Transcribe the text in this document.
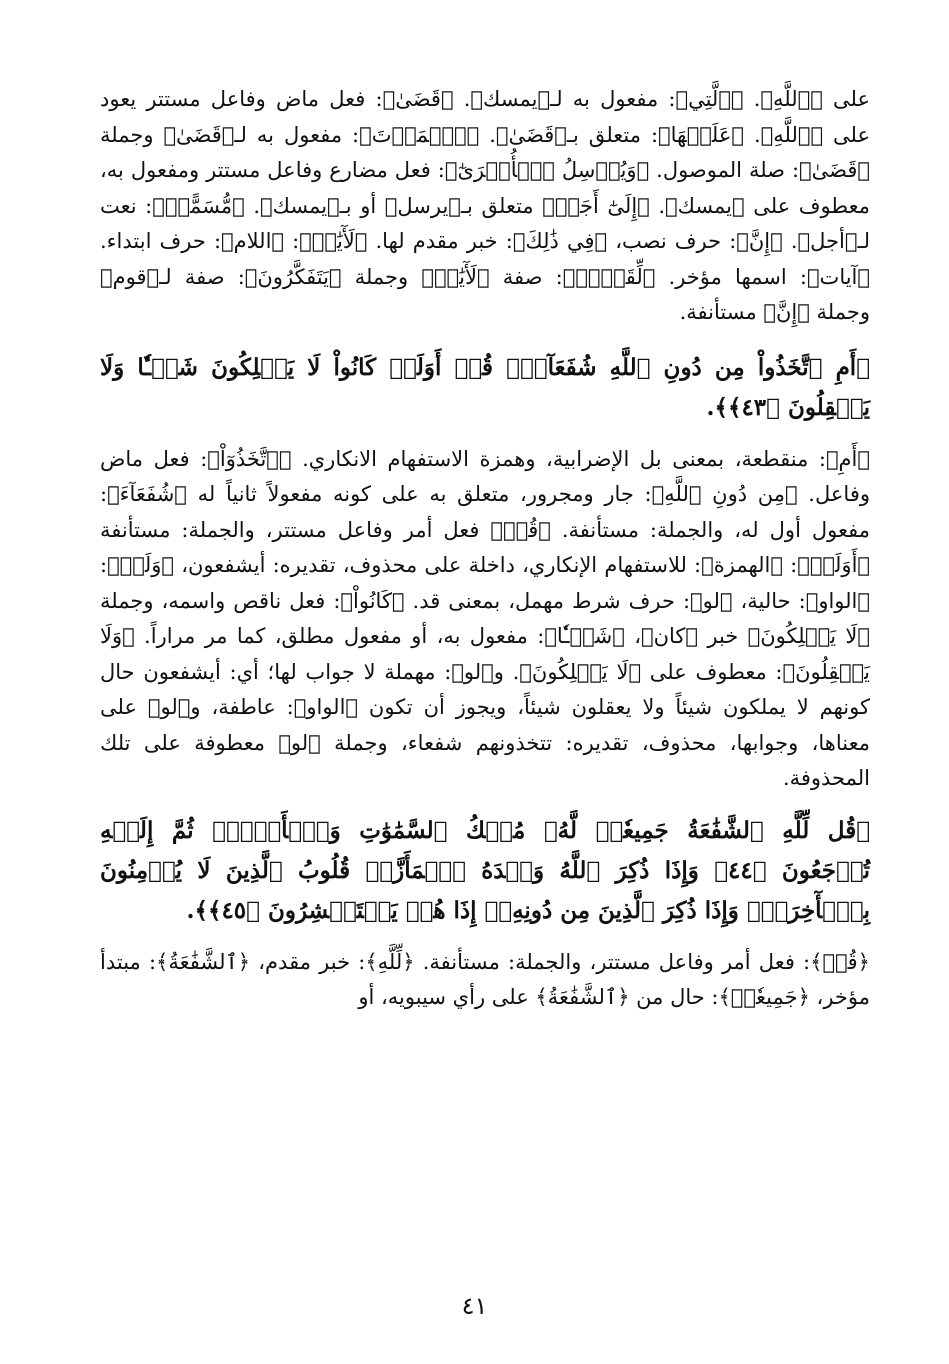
على ﴿ٱللَّهِ﴾. ﴿ٱلَّتِي﴾: مفعول به لـ﴿يمسك﴾. ﴿قَضَىٰ﴾: فعل ماض وفاعل مستتر يعود على ﴿ٱللَّهِ﴾. ﴿عَلَيۡهَا﴾: متعلق بـ﴿قَضَىٰ﴾. ﴿ٱلۡمَوۡتَ﴾: مفعول به لـ﴿قَضَىٰ﴾ وجملة ﴿قَضَىٰ﴾: صلة الموصول. ﴿وَيُرۡسِلُ ٱلۡأُخۡرَىٰٓ﴾: فعل مضارع وفاعل مستتر ومفعول به، معطوف على ﴿يمسك﴾. ﴿إِلَىٰٓ أَجَلٖ﴾ متعلق بـ﴿يرسل﴾ أو بـ﴿يمسك﴾. ﴿مُّسَمًّىۚ﴾: نعت لـ﴿أجل﴾. ﴿إِنَّ﴾: حرف نصب، ﴿فِي ذَٰلِكَ﴾: خبر مقدم لها. ﴿لَأٓيَٰتٖ﴾: ﴿اللام﴾: حرف ابتداء. ﴿آيات﴾: اسمها مؤخر. ﴿لِّقَوۡمٖ﴾: صفة ﴿لَأٓيَٰتٖ﴾ وجملة ﴿يَتَفَكَّرُونَ﴾: صفة لـ﴿قوم﴾ وجملة ﴿إِنَّ﴾ مستأنفة.

﴿أَمِ ٱتَّخَذُواْ مِن دُونِ ٱللَّهِ شُفَعَآءَۚ قُلۡ أَوَلَوۡ كَانُواْ لَا يَمۡلِكُونَ شَيۡـٔٗا وَلَا يَعۡقِلُونَ ﴿٤٣﴾﴾.

﴿أَمِ﴾: منقطعة، بمعنى بل الإضرابية، وهمزة الاستفهام الانكاري. ﴿ٱتَّخَذُوٓاْ﴾: فعل ماض وفاعل. ﴿مِن دُونِ ٱللَّهِ﴾: جار ومجرور، متعلق به على كونه مفعولاً ثانياً له ﴿شُفَعَآءَ﴾: مفعول أول له، والجملة: مستأنفة. ﴿قُلۡ﴾ فعل أمر وفاعل مستتر، والجملة: مستأنفة ﴿أَوَلَوۡ﴾: ﴿الهمزة﴾: للاستفهام الإنكاري، داخلة على محذوف، تقديره: أيشفعون، ﴿وَلَوۡ﴾: ﴿الواو﴾: حالية، ﴿لو﴾: حرف شرط مهمل، بمعنى قد. ﴿كَانُواْ﴾: فعل ناقص واسمه، وجملة ﴿لَا يَمۡلِكُونَ﴾ خبر ﴿كان﴾، ﴿شَيۡـٔٗا﴾: مفعول به، أو مفعول مطلق، كما مر مراراً. ﴿وَلَا يَعۡقِلُونَ﴾: معطوف على ﴿لَا يَمۡلِكُونَ﴾. و﴿لو﴾: مهملة لا جواب لها؛ أي: أيشفعون حال كونهم لا يملكون شيئاً ولا يعقلون شيئاً، ويجوز أن تكون ﴿الواو﴾: عاطفة، و﴿لو﴾ على معناها، وجوابها، محذوف، تقديره: تتخذونهم شفعاء، وجملة ﴿لو﴾ معطوفة على تلك المحذوفة.

﴿قُل لِّلَّهِ ٱلشَّفَٰعَةُ جَمِيعٗاۖ لَّهُۥ مُلۡكُ ٱلسَّمَٰوَٰتِ وَٱلۡأَرۡضِۖ ثُمَّ إِلَيۡهِ تُرۡجَعُونَ ﴿٤٤﴾ وَإِذَا ذُكِرَ ٱللَّهُ وَحۡدَهُ ٱشۡمَأَزَّتۡ قُلُوبُ ٱلَّذِينَ لَا يُؤۡمِنُونَ بِٱلۡأٓخِرَةِۖ وَإِذَا ذُكِرَ ٱلَّذِينَ مِن دُونِهِۦٓ إِذَا هُمۡ يَسۡتَبۡشِرُونَ ﴿٤٥﴾﴾.

﴿قُلۡ﴾: فعل أمر وفاعل مستتر، والجملة: مستأنفة. ﴿لِّلَّهِ﴾: خبر مقدم، ﴿ٱلشَّفَٰعَةُ﴾: مبتدأ مؤخر، ﴿جَمِيعٗاۖ﴾: حال من ﴿ٱلشَّفَٰعَةُ﴾ على رأي سيبويه، أو

٤١
